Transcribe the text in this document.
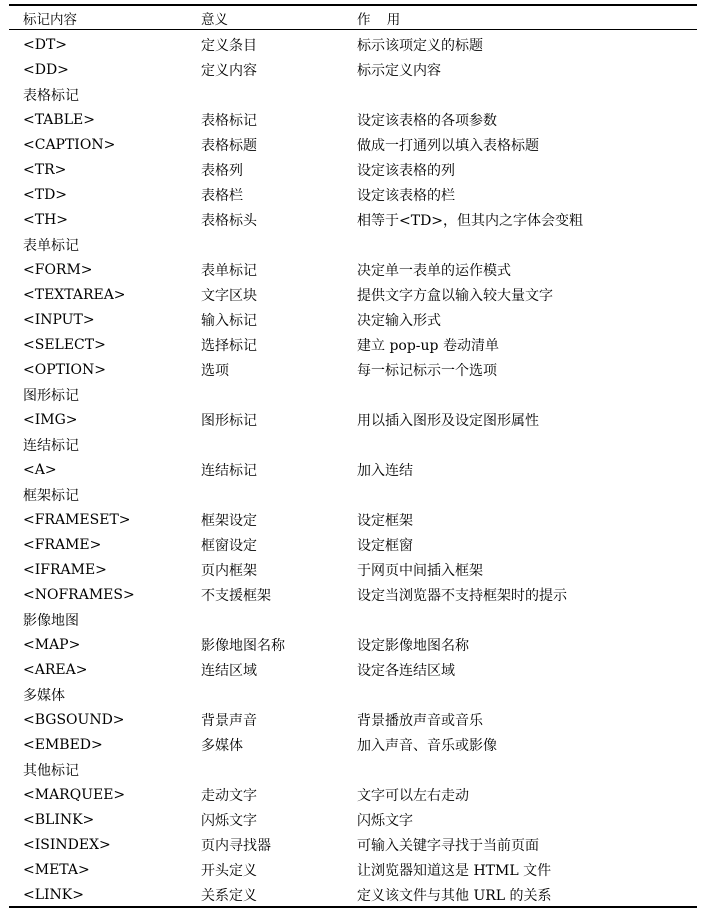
标记内容	意义	作 用
<DT>	定义条目	标示该项定义的标题
<DD>	定义内容	标示定义内容
表格标记
<TABLE>	表格标记	设定该表格的各项参数
<CAPTION>	表格标题	做成一打通列以填入表格标题
<TR>	表格列	设定该表格的列
<TD>	表格栏	设定该表格的栏
<TH>	表格标头	相等于<TD>，但其内之字体会变粗
表单标记
<FORM>	表单标记	决定单一表单的运作模式
<TEXTAREA>	文字区块	提供文字方盒以输入较大量文字
<INPUT>	输入标记	决定输入形式
<SELECT>	选择标记	建立 pop-up 卷动清单
<OPTION>	选项	每一标记标示一个选项
图形标记
<IMG>	图形标记	用以插入图形及设定图形属性
连结标记
<A>	连结标记	加入连结
框架标记
<FRAMESET>	框架设定	设定框架
<FRAME>	框窗设定	设定框窗
<IFRAME>	页内框架	于网页中间插入框架
<NOFRAMES>	不支援框架	设定当浏览器不支持框架时的提示
影像地图
<MAP>	影像地图名称	设定影像地图名称
<AREA>	连结区域	设定各连结区域
多媒体
<BGSOUND>	背景声音	背景播放声音或音乐
<EMBED>	多媒体	加入声音、音乐或影像
其他标记
<MARQUEE>	走动文字	文字可以左右走动
<BLINK>	闪烁文字	闪烁文字
<ISINDEX>	页内寻找器	可输入关键字寻找于当前页面
<META>	开头定义	让浏览器知道这是 HTML 文件
<LINK>	关系定义	定义该文件与其他 URL 的关系
